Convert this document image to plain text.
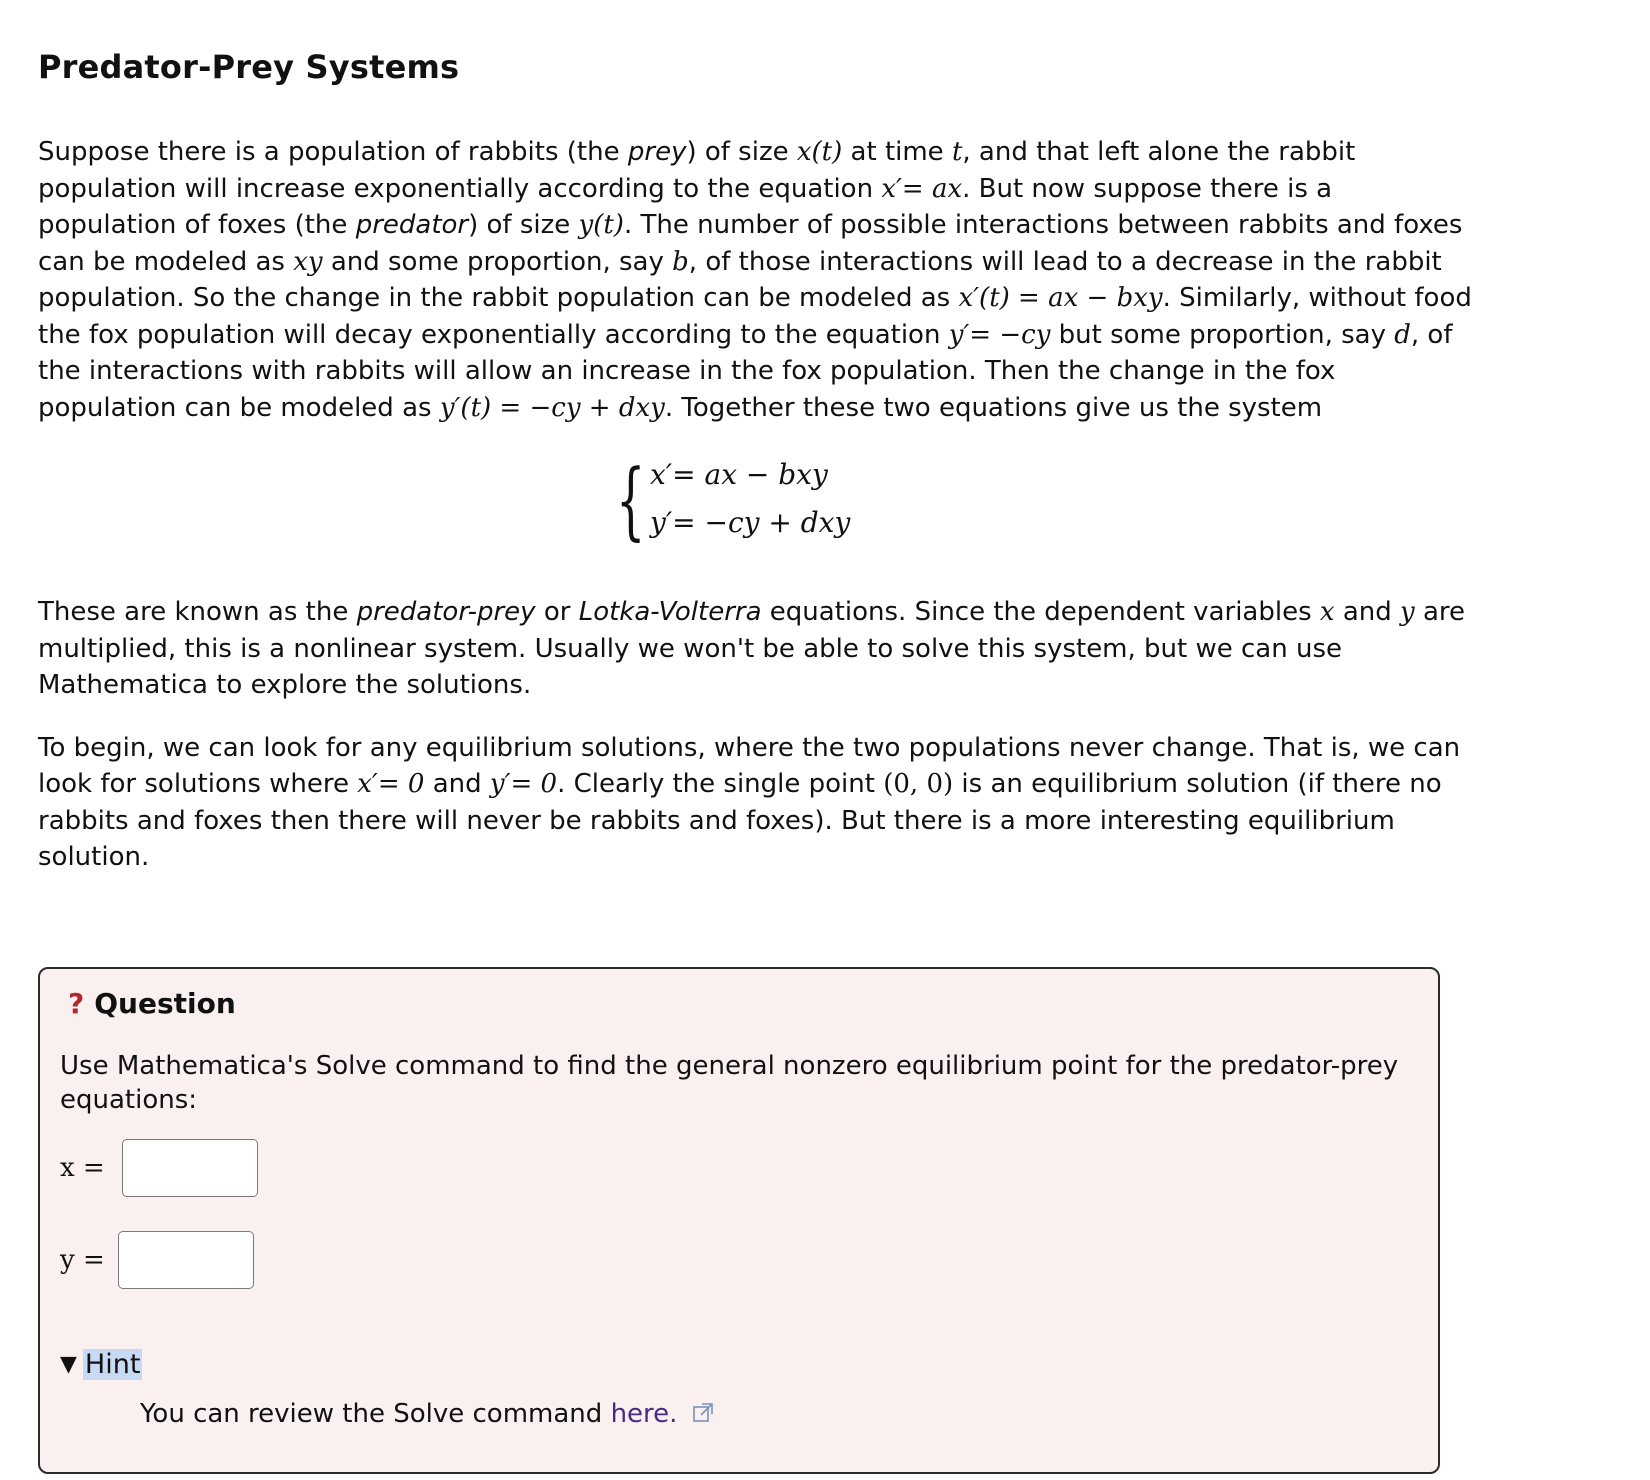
Predator-Prey Systems

Suppose there is a population of rabbits (the prey) of size x(t) at time t, and that left alone the rabbit population will increase exponentially according to the equation x′= ax. But now suppose there is a population of foxes (the predator) of size y(t). The number of possible interactions between rabbits and foxes can be modeled as xy and some proportion, say b, of those interactions will lead to a decrease in the rabbit population. So the change in the rabbit population can be modeled as x′(t) = ax − bxy. Similarly, without food the fox population will decay exponentially according to the equation y′= −cy but some proportion, say d, of the interactions with rabbits will allow an increase in the fox population. Then the change in the fox population can be modeled as y′(t) = −cy + dxy. Together these two equations give us the system

{ x′= ax − bxy
y′= −cy + dxy

These are known as the predator-prey or Lotka-Volterra equations. Since the dependent variables x and y are multiplied, this is a nonlinear system. Usually we won't be able to solve this system, but we can use Mathematica to explore the solutions.

To begin, we can look for any equilibrium solutions, where the two populations never change. That is, we can look for solutions where x′= 0 and y′= 0. Clearly the single point (0, 0) is an equilibrium solution (if there no rabbits and foxes then there will never be rabbits and foxes). But there is a more interesting equilibrium solution.

? Question
Use Mathematica's Solve command to find the general nonzero equilibrium point for the predator-prey equations:
x =
y =
▼ Hint
You can review the Solve command here.
